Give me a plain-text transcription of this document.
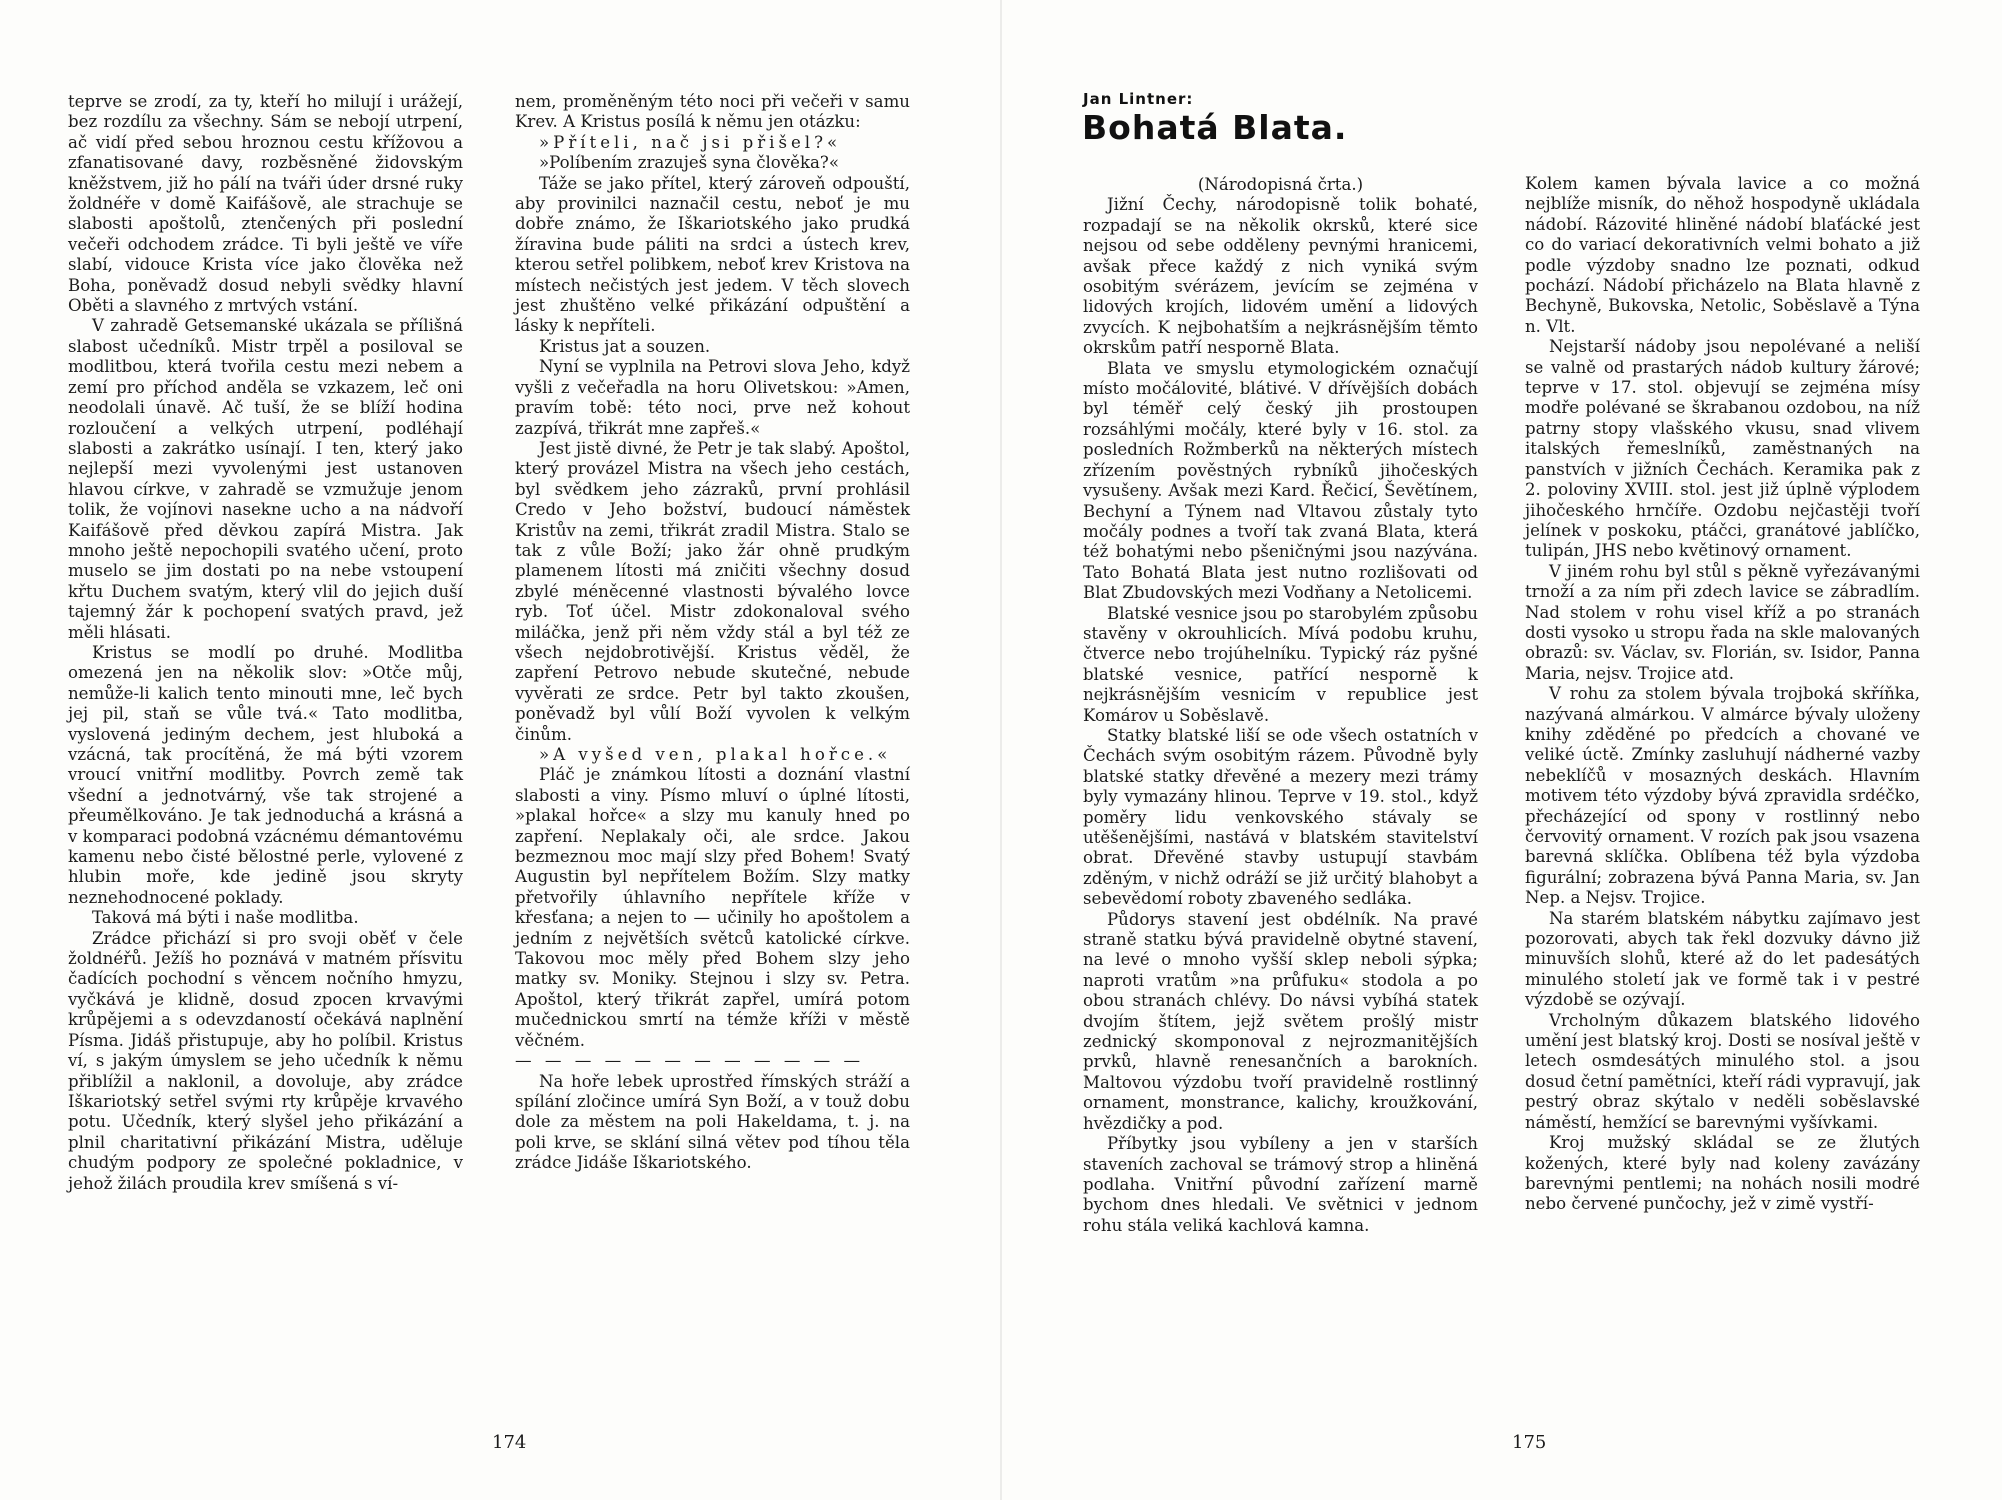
teprve se zrodí, za ty, kteří ho milují i urážejí, bez rozdílu za všechny. Sám se nebojí utrpení, ač vidí před sebou hroznou cestu křížovou a zfanatisované davy, rozběsněné židovským kněžstvem, již ho pálí na tváři úder drsné ruky žoldnéře v domě Kaifášově, ale strachuje se slabosti apoštolů, ztenčených při poslední večeři odchodem zrádce. Ti byli ještě ve víře slabí, vidouce Krista více jako člověka než Boha, poněvadž dosud nebyli svědky hlavní Oběti a slavného z mrtvých vstání.

V zahradě Getsemanské ukázala se přílišná slabost učedníků. Mistr trpěl a posiloval se modlitbou, která tvořila cestu mezi nebem a zemí pro příchod anděla se vzkazem, leč oni neodolali únavě. Ač tuší, že se blíží hodina rozloučení a velkých utrpení, podléhají slabosti a zakrátko usínají. I ten, který jako nejlepší mezi vyvolenými jest ustanoven hlavou církve, v zahradě se vzmužuje jenom tolik, že vojínovi nasekne ucho a na nádvoří Kaifášově před děvkou zapírá Mistra. Jak mnoho ještě nepochopili svatého učení, proto muselo se jim dostati po na nebe vstoupení křtu Duchem svatým, který vlil do jejich duší tajemný žár k pochopení svatých pravd, jež měli hlásati.

Kristus se modlí po druhé. Modlitba omezená jen na několik slov: »Otče můj, nemůže-li kalich tento minouti mne, leč bych jej pil, staň se vůle tvá.« Tato modlitba, vyslovená jediným dechem, jest hluboká a vzácná, tak procítěná, že má býti vzorem vroucí vnitřní modlitby. Povrch země tak všední a jednotvárný, vše tak strojené a přeumělkováno. Je tak jednoduchá a krásná a v komparaci podobná vzácnému démantovému kamenu nebo čisté bělostné perle, vylovené z hlubin moře, kde jedině jsou skryty neznehodnocené poklady.

Taková má býti i naše modlitba.

Zrádce přichází si pro svoji oběť v čele žoldnéřů. Ježíš ho poznává v matném přísvitu čadících pochodní s věncem nočního hmyzu, vyčkává je klidně, dosud zpocen krvavými krůpějemi a s odevzdaností očekává naplnění Písma. Jidáš přistupuje, aby ho políbil. Kristus ví, s jakým úmyslem se jeho učedník k němu přiblížil a naklonil, a dovoluje, aby zrádce Iškariotský setřel svými rty krůpěje krvavého potu. Učedník, který slyšel jeho přikázání a plnil charitativní přikázání Mistra, uděluje chudým podpory ze společné pokladnice, v jehož žilách proudila krev smíšená s ví-

nem, proměněným této noci při večeři v samu Krev. A Kristus posílá k němu jen otázku:

»Příteli, nač jsi přišel?«

»Políbením zrazuješ syna člověka?«

Táže se jako přítel, který zároveň odpouští, aby provinilci naznačil cestu, neboť je mu dobře známo, že Iškariotského jako prudká žíravina bude páliti na srdci a ústech krev, kterou setřel polibkem, neboť krev Kristova na místech nečistých jest jedem. V těch slovech jest zhuštěno velké přikázání odpuštění a lásky k nepříteli.

Kristus jat a souzen.

Nyní se vyplnila na Petrovi slova Jeho, když vyšli z večeřadla na horu Olivetskou: »Amen, pravím tobě: této noci, prve než kohout zazpívá, třikrát mne zapřeš.«

Jest jistě divné, že Petr je tak slabý. Apoštol, který provázel Mistra na všech jeho cestách, byl svědkem jeho zázraků, první prohlásil Credo v Jeho božství, budoucí náměstek Kristův na zemi, třikrát zradil Mistra. Stalo se tak z vůle Boží; jako žár ohně prudkým plamenem lítosti má zničiti všechny dosud zbylé méněcenné vlastnosti bývalého lovce ryb. Toť účel. Mistr zdokonaloval svého miláčka, jenž při něm vždy stál a byl též ze všech nejdobrotivější. Kristus věděl, že zapření Petrovo nebude skutečné, nebude vyvěrati ze srdce. Petr byl takto zkoušen, poněvadž byl vůlí Boží vyvolen k velkým činům.

»A vyšed ven, plakal hořce.«

Pláč je známkou lítosti a doznání vlastní slabosti a viny. Písmo mluví o úplné lítosti, »plakal hořce« a slzy mu kanuly hned po zapření. Neplakaly oči, ale srdce. Jakou bezmeznou moc mají slzy před Bohem! Svatý Augustin byl nepřítelem Božím. Slzy matky přetvořily úhlavního nepřítele kříže v křesťana; a nejen to — učinily ho apoštolem a jedním z největších světců katolické církve. Takovou moc měly před Bohem slzy jeho matky sv. Moniky. Stejnou i slzy sv. Petra. Apoštol, který třikrát zapřel, umírá potom mučednickou smrtí na témže kříži v městě věčném.

— — — — — — — — — — — —

Na hoře lebek uprostřed římských stráží a spílání zločince umírá Syn Boží, a v touž dobu dole za městem na poli Hakeldama, t. j. na poli krve, se sklání silná větev pod tíhou těla zrádce Jidáše Iškariotského.

174
Jan Lintner:
Bohatá Blata.

(Národopisná črta.)

Jižní Čechy, národopisně tolik bohaté, rozpadají se na několik okrsků, které sice nejsou od sebe odděleny pevnými hranicemi, avšak přece každý z nich vyniká svým osobitým svérázem, jevícím se zejména v lidových krojích, lidovém umění a lidových zvycích. K nejbohatším a nejkrásnějším těmto okrskům patří nesporně Blata.

Blata ve smyslu etymologickém označují místo močálovité, blátivé. V dřívějších dobách byl téměř celý český jih prostoupen rozsáhlými močály, které byly v 16. stol. za posledních Rožmberků na některých místech zřízením pověstných rybníků jihočeských vysušeny. Avšak mezi Kard. Řečicí, Ševětínem, Bechyní a Týnem nad Vltavou zůstaly tyto močály podnes a tvoří tak zvaná Blata, která též bohatými nebo pšeničnými jsou nazývána. Tato Bohatá Blata jest nutno rozlišovati od Blat Zbudovských mezi Vodňany a Netolicemi.

Blatské vesnice jsou po starobylém způsobu stavěny v okrouhlicích. Mívá podobu kruhu, čtverce nebo trojúhelníku. Typický ráz pyšné blatské vesnice, patřící nesporně k nejkrásnějším vesnicím v republice jest Komárov u Soběslavě.

Statky blatské liší se ode všech ostatních v Čechách svým osobitým rázem. Původně byly blatské statky dřevěné a mezery mezi trámy byly vymazány hlinou. Teprve v 19. stol., když poměry lidu venkovského stávaly se utěšenějšími, nastává v blatském stavitelství obrat. Dřevěné stavby ustupují stavbám zděným, v nichž odráží se již určitý blahobyt a sebevědomí roboty zbaveného sedláka.

Půdorys stavení jest obdélník. Na pravé straně statku bývá pravidelně obytné stavení, na levé o mnoho vyšší sklep neboli sýpka; naproti vratům »na průfuku« stodola a po obou stranách chlévy. Do návsi vybíhá statek dvojím štítem, jejž světem prošlý mistr zednický skomponoval z nejrozmanitějších prvků, hlavně renesančních a barokních. Maltovou výzdobu tvoří pravidelně rostlinný ornament, monstrance, kalichy, kroužkování, hvězdičky a pod.

Příbytky jsou vybíleny a jen v starších staveních zachoval se trámový strop a hliněná podlaha. Vnitřní původní zařízení marně bychom dnes hledali. Ve světnici v jednom rohu stála veliká kachlová kamna.

Kolem kamen bývala lavice a co možná nejblíže misník, do něhož hospodyně ukládala nádobí. Rázovité hliněné nádobí blaťácké jest co do variací dekorativních velmi bohato a již podle výzdoby snadno lze poznati, odkud pochází. Nádobí přicházelo na Blata hlavně z Bechyně, Bukovska, Netolic, Soběslavě a Týna n. Vlt.

Nejstarší nádoby jsou nepolévané a neliší se valně od prastarých nádob kultury žárové; teprve v 17. stol. objevují se zejména mísy modře polévané se škrabanou ozdobou, na níž patrny stopy vlašského vkusu, snad vlivem italských řemeslníků, zaměstnaných na panstvích v jižních Čechách. Keramika pak z 2. poloviny XVIII. stol. jest již úplně výplodem jihočeského hrnčíře. Ozdobu nejčastěji tvoří jelínek v poskoku, ptáčci, granátové jablíčko, tulipán, JHS nebo květinový ornament.

V jiném rohu byl stůl s pěkně vyřezávanými trnoží a za ním při zdech lavice se zábradlím. Nad stolem v rohu visel kříž a po stranách dosti vysoko u stropu řada na skle malovaných obrazů: sv. Václav, sv. Florián, sv. Isidor, Panna Maria, nejsv. Trojice atd.

V rohu za stolem bývala trojboká skříňka, nazývaná almárkou. V almárce bývaly uloženy knihy zděděné po předcích a chované ve veliké úctě. Zmínky zasluhují nádherné vazby nebeklíčů v mosazných deskách. Hlavním motivem této výzdoby bývá zpravidla srdéčko, přecházející od spony v rostlinný nebo červovitý ornament. V rozích pak jsou vsazena barevná sklíčka. Oblíbena též byla výzdoba figurální; zobrazena bývá Panna Maria, sv. Jan Nep. a Nejsv. Trojice.

Na starém blatském nábytku zajímavo jest pozorovati, abych tak řekl dozvuky dávno již minuvších slohů, které až do let padesátých minulého století jak ve formě tak i v pestré výzdobě se ozývají.

Vrcholným důkazem blatského lidového umění jest blatský kroj. Dosti se nosíval ještě v letech osmdesátých minulého stol. a jsou dosud četní pamětníci, kteří rádi vypravují, jak pestrý obraz skýtalo v neděli soběslavské náměstí, hemžící se barevnými vyšívkami.

Kroj mužský skládal se ze žlutých kožených, které byly nad koleny zavázány barevnými pentlemi; na nohách nosili modré nebo červené punčochy, jež v zimě vystří-

175
